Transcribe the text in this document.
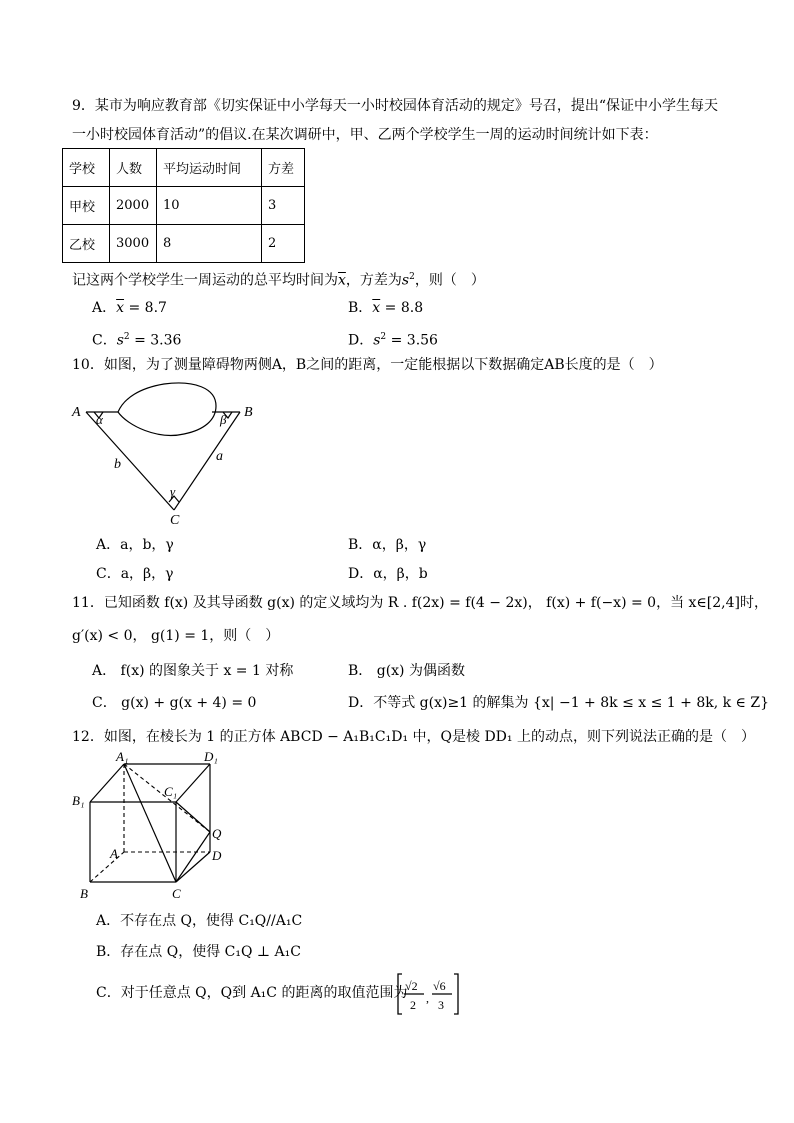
9．某市为响应教育部《切实保证中小学每天一小时校园体育活动的规定》号召，提出“保证中小学生每天
一小时校园体育活动”的倡议.在某次调研中，甲、乙两个学校学生一周的运动时间统计如下表：
学校	人数	平均运动时间	方差
甲校	2000	10	3
乙校	3000	8	2
记这两个学校学生一周运动的总平均时间为$\overline{x}$，方差为$s^2$，则（　）
A．$\overline{x} = 8.7$	B．$\overline{x} = 8.8$
C．$s^2 = 3.36$	D．$s^2 = 3.56$
10．如图，为了测量障碍物两侧A，B之间的距离，一定能根据以下数据确定AB长度的是（　）
A	B
C
b
a
α	β
γ
A．a，b，γ	B．α，β，γ
C．a，β，γ	D．α，β，b
11．已知函数 f(x) 及其导函数 g(x) 的定义域均为 R . f(2x) = f(4 − 2x)， f(x) + f(−x) = 0，当 x∈[2,4]时，
g′(x) < 0， g(1) = 1，则（　）
A． f(x) 的图象关于 x = 1 对称	B． g(x) 为偶函数
C． g(x) + g(x + 4) = 0	D．不等式 g(x)≥1 的解集为 {x| −1 + 8k ≤ x ≤ 1 + 8k, k ∈ Z}
12．如图，在棱长为 1 的正方体 ABCD − A₁B₁C₁D₁ 中，Q是棱 DD₁ 上的动点，则下列说法正确的是（　）
A₁	D₁
B₁
C₁
Q
A	D
B	C
A．不存在点 Q，使得 C₁Q//A₁C
B．存在点 Q，使得 C₁Q ⊥ A₁C
C．对于任意点 Q，Q到 A₁C 的距离的取值范围为
√2
2 ,
√6
3
